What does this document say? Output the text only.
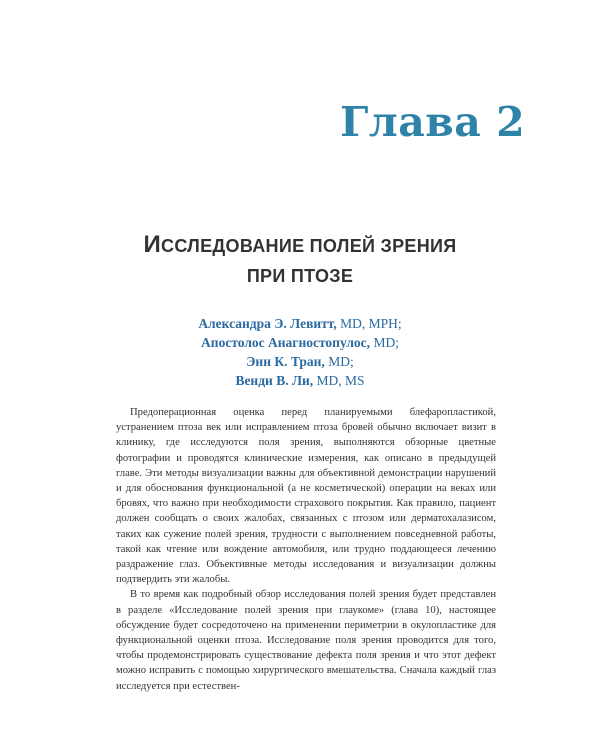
Глава 2
ИССЛЕДОВАНИЕ ПОЛЕЙ ЗРЕНИЯ
ПРИ ПТОЗЕ
Александра Э. Левитт, MD, MPH;
Апостолос Анагностопулос, MD;
Энн К. Тран, MD;
Венди В. Ли, MD, MS

Предоперационная оценка перед планируемыми блефаропластикой, устранением птоза век или исправлением птоза бровей обычно включает визит в клинику, где исследуются поля зрения, выполняются обзорные цветные фотографии и проводятся клинические измерения, как описано в предыдущей главе. Эти методы визуализации важны для объективной демонстрации нарушений и для обоснования функциональной (а не косметической) операции на веках или бровях, что важно при необходимости страхового покрытия. Как правило, пациент должен сообщать о своих жалобах, связанных с птозом или дерматохалазисом, таких как сужение полей зрения, трудности с выполнением повседневной работы, такой как чтение или вождение автомобиля, или трудно поддающееся лечению раздражение глаз. Объективные методы исследования и визуализации должны подтвердить эти жалобы.

В то время как подробный обзор исследования полей зрения будет представлен в разделе «Исследование полей зрения при глаукоме» (глава 10), настоящее обсуждение будет сосредоточено на применении периметрии в окулопластике для функциональной оценки птоза. Исследование поля зрения проводится для того, чтобы продемонстрировать существование дефекта поля зрения и что этот дефект можно исправить с помощью хирургического вмешательства. Сначала каждый глаз исследуется при естествен-
